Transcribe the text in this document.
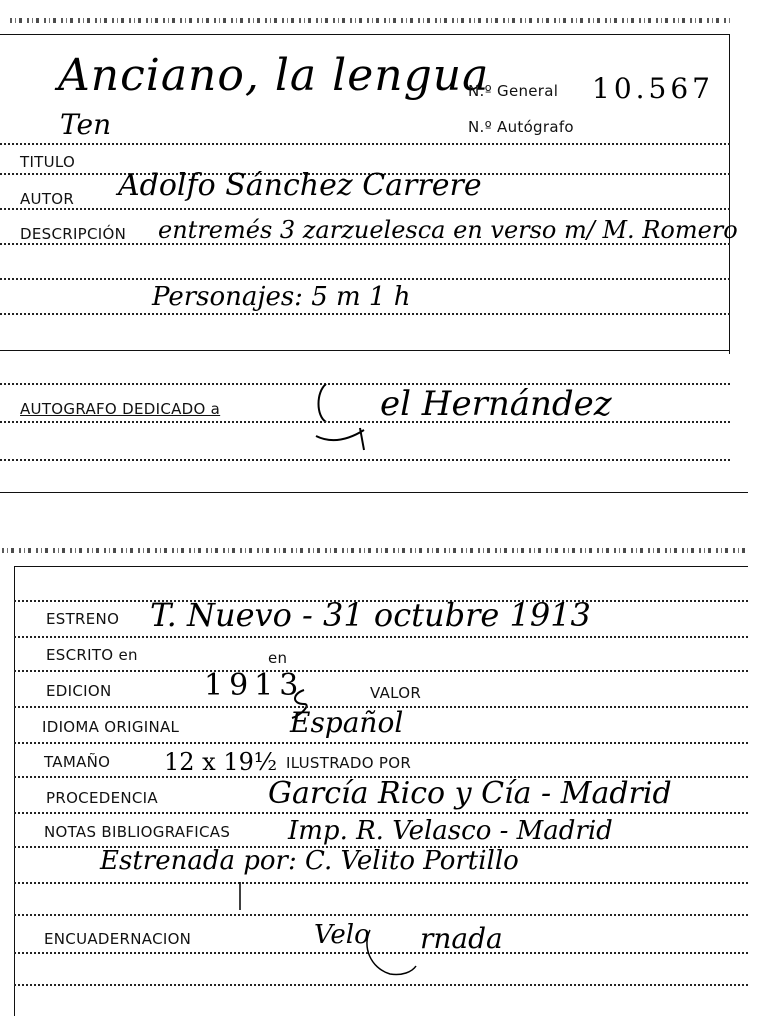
Anciano, la lengua
Ten
N.º General 10.567
N.º Autógrafo
TITULO
AUTOR Adolfo Sánchez Carrere
DESCRIPCIÓN entremés 3 zarzuelesca en verso m/ M. Romero
Personajes: 5 m 1 h
AUTOGRAFO DEDICADO a	el Hernández
ESTRENO T. Nuevo - 31 octubre 1913
ESCRITO en	en
EDICION	1913	VALOR
IDIOMA ORIGINAL	Español
TAMAÑO 12 x 19½ ILUSTRADO POR
PROCEDENCIA	García Rico y Cía - Madrid
NOTAS BIBLIOGRAFICAS Imp. R. Velasco - Madrid
Estrenada por: C. Velito Portillo
ENCUADERNACION	Velo rnada
